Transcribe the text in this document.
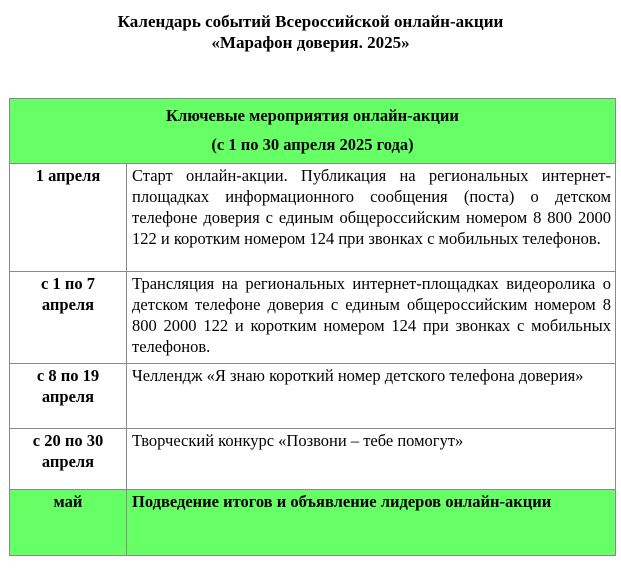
Календарь событий Всероссийской онлайн-акции
«Марафон доверия. 2025»
Ключевые мероприятия онлайн-акции
(с 1 по 30 апреля 2025 года)	

1 апреля	Старт онлайн-акции. Публикация на региональных интернет-площадках информационного сообщения (поста) о детском телефоне доверия с единым общероссийским номером 8 800 2000 122 и коротким номером 124 при звонках с мобильных телефонов.
с 1 по 7 апреля	Трансляция на региональных интернет-площадках видеоролика о детском телефоне доверия с единым общероссийским номером 8 800 2000 122 и коротким номером 124 при звонках с мобильных телефонов.
с 8 по 19 апреля	Челлендж «Я знаю короткий номер детского телефона доверия»
с 20 по 30 апреля	Творческий конкурс «Позвони – тебе помогут»
май	Подведение итогов и объявление лидеров онлайн-акции
